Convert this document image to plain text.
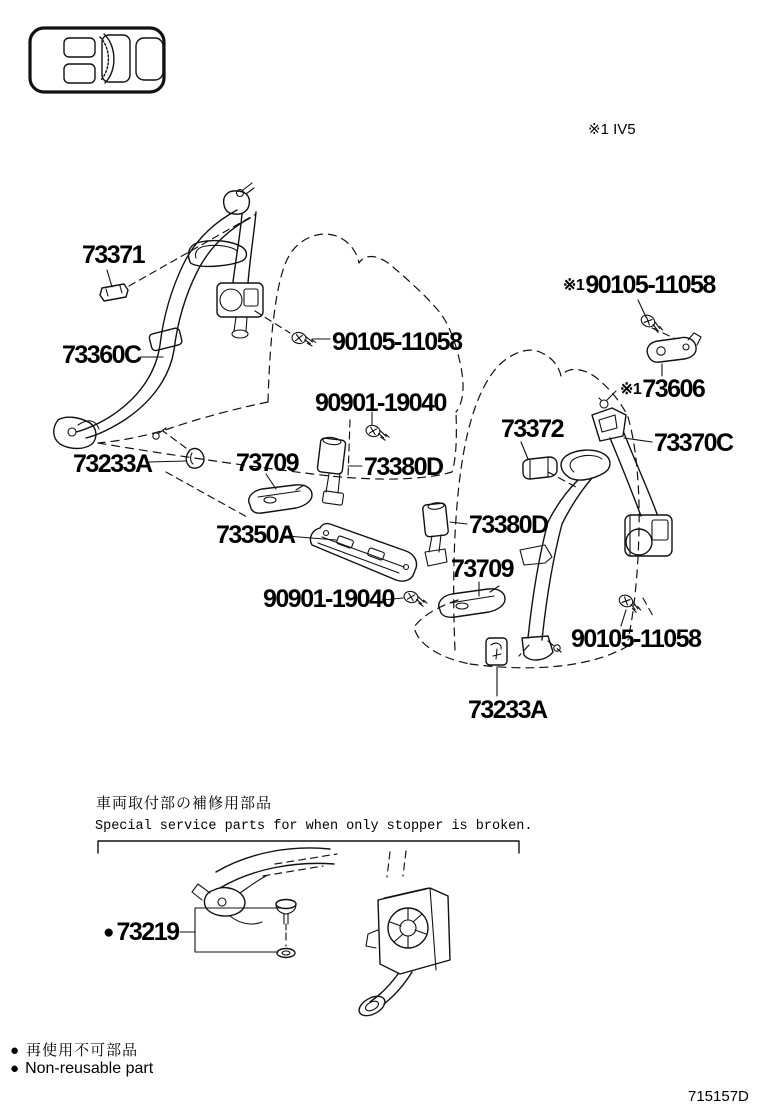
※1 IV5
73371
73360C	90105-11058
※190105-11058
※173606
90901-19040
73372	73370C
73233A	73709	73380D
73380D
73350A
73709
90901-19040
90105-11058
73233A
車両取付部の補修用部品
Special service parts for when only stopper is broken.
●73219
● 再使用不可部品
● Non-reusable part
715157D
